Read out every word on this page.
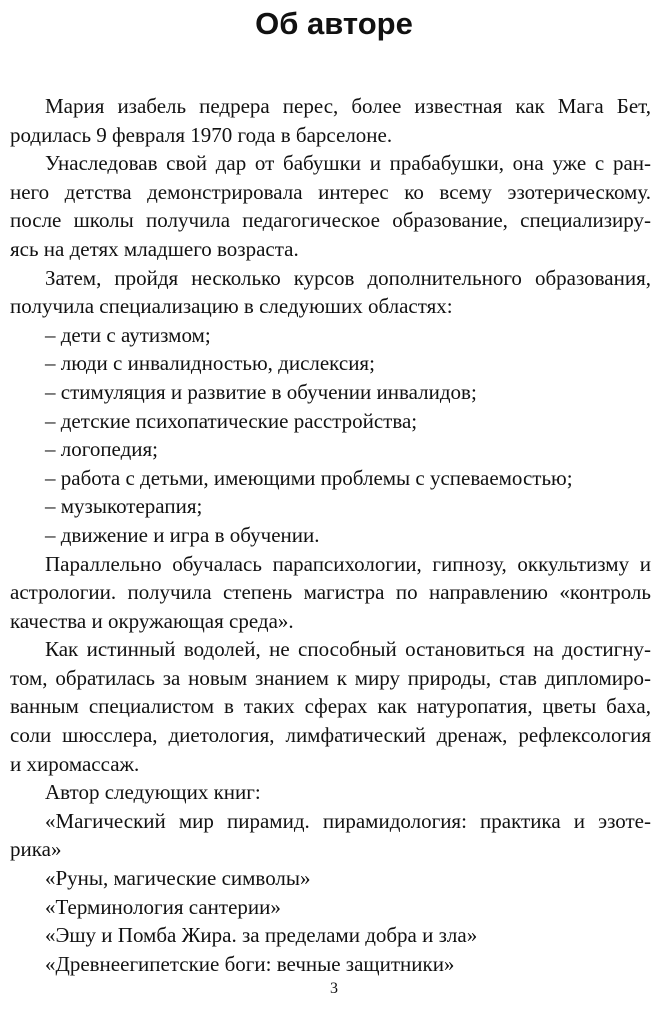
Об авторе
Мария изабель педрера перес, более известная как Мага Бет,
родилась 9 февраля 1970 года в барселоне.
Унаследовав свой дар от бабушки и прабабушки, она уже с ран-
него детства демонстрировала интерес ко всему эзотерическому.
после школы получила педагогическое образование, специализиру-
ясь на детях младшего возраста.
Затем, пройдя несколько курсов дополнительного образования,
получила специализацию в следуюших областях:
– дети с аутизмом;
– люди с инвалидностью, дислексия;
– стимуляция и развитие в обучении инвалидов;
– детские психопатические расстройства;
– логопедия;
– работа с детьми, имеющими проблемы с успеваемостью;
– музыкотерапия;
– движение и игра в обучении.
Параллельно обучалась парапсихологии, гипнозу, оккультизму и
астрологии. получила степень магистра по направлению «контроль
качества и окружающая среда».
Как истинный водолей, не способный остановиться на достигну-
том, обратилась за новым знанием к миру природы, став дипломиро-
ванным специалистом в таких сферах как натуропатия, цветы баха,
соли шюсслера, диетология, лимфатический дренаж, рефлексология
и хиромассаж.
Автор следующих книг:
«Магический мир пирамид. пирамидология: практика и эзоте-
рика»
«Руны, магические символы»
«Терминология сантерии»
«Эшу и Помба Жира. за пределами добра и зла»
«Древнеегипетские боги: вечные защитники»
3
